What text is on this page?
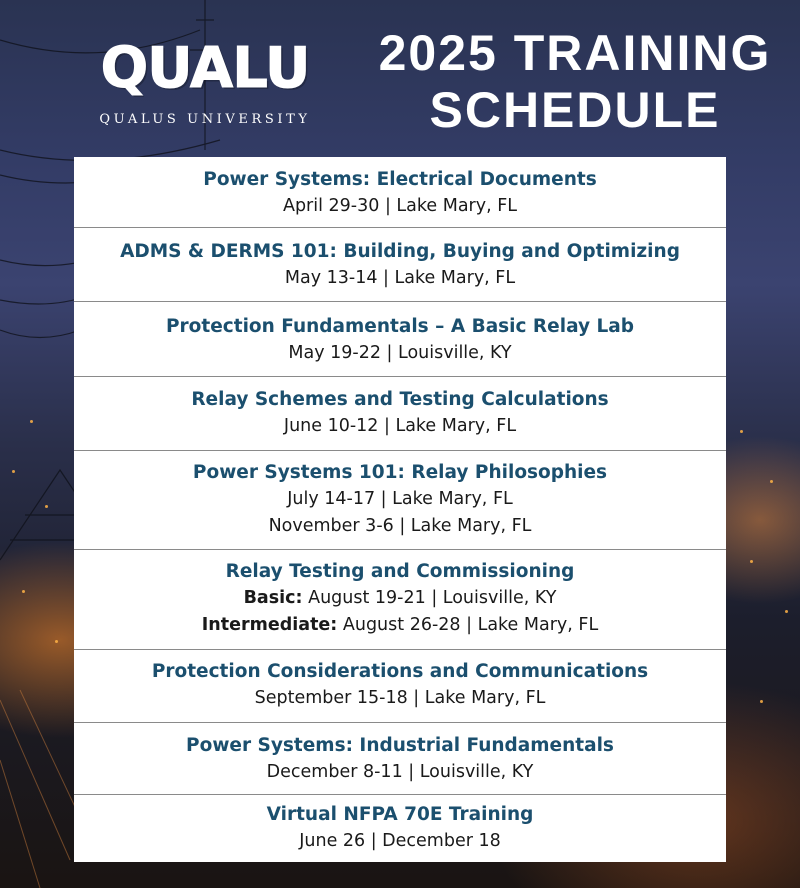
QUALU
QUALUS UNIVERSITY
2025 TRAINING
SCHEDULE
Power Systems: Electrical Documents
April 29-30 | Lake Mary, FL
ADMS & DERMS 101: Building, Buying and Optimizing
May 13-14 | Lake Mary, FL
Protection Fundamentals – A Basic Relay Lab
May 19-22 | Louisville, KY
Relay Schemes and Testing Calculations
June 10-12 | Lake Mary, FL
Power Systems 101: Relay Philosophies
July 14-17 | Lake Mary, FL
November 3-6 | Lake Mary, FL
Relay Testing and Commissioning
Basic: August 19-21 | Louisville, KY
Intermediate: August 26-28 | Lake Mary, FL
Protection Considerations and Communications
September 15-18 | Lake Mary, FL
Power Systems: Industrial Fundamentals
December 8-11 | Louisville, KY
Virtual NFPA 70E Training
June 26 | December 18
